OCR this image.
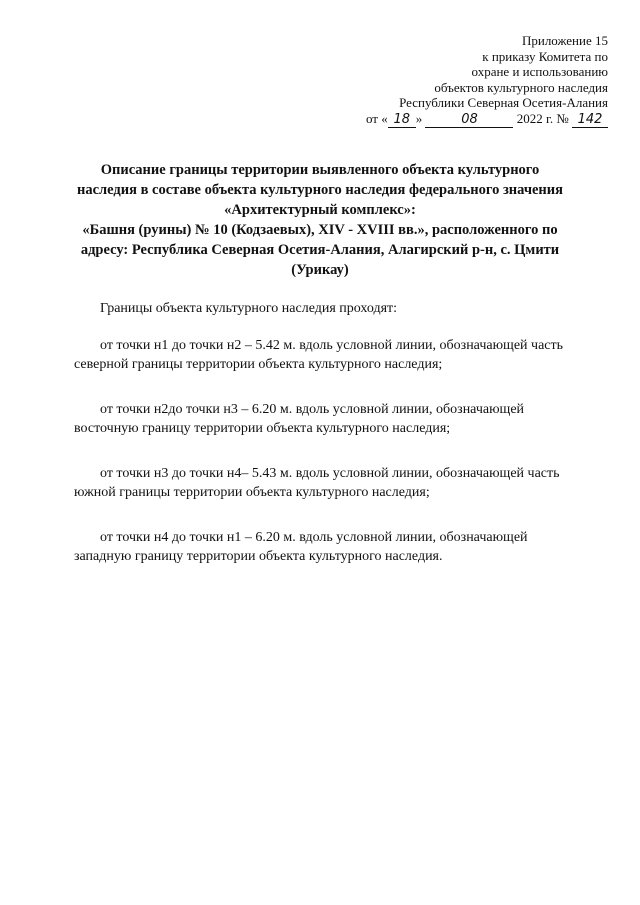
Приложение 15
к приказу Комитета по
охране и использованию
объектов культурного наследия
Республики Северная Осетия-Алания
от « 18 »	08	2022 г. № 142
Описание границы территории выявленного объекта культурного
наследия в составе объекта культурного наследия федерального значения
«Архитектурный комплекс»:
«Башня (руины) № 10 (Кодзаевых), XIV - XVIII вв.», расположенного по
адресу: Республика Северная Осетия-Алания, Алагирский р-н, с. Цмити
(Урикау)
Границы объекта культурного наследия проходят:
от точки н1 до точки н2 – 5.42 м. вдоль условной линии, обозначающей часть
северной границы территории объекта культурного наследия;
от точки н2до точки н3 – 6.20 м. вдоль условной линии, обозначающей
восточную границу территории объекта культурного наследия;
от точки н3 до точки н4– 5.43 м. вдоль условной линии, обозначающей часть
южной границы территории объекта культурного наследия;
от точки н4 до точки н1 – 6.20 м. вдоль условной линии, обозначающей
западную границу территории объекта культурного наследия.
